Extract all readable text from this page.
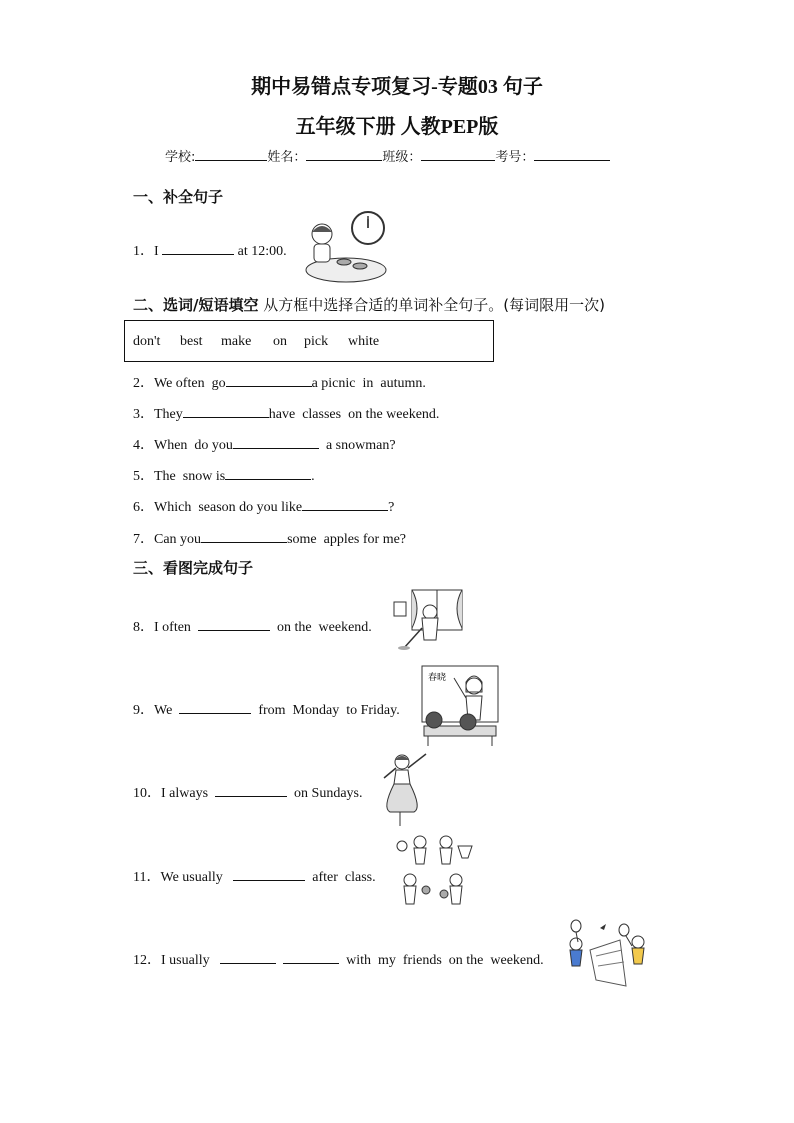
期中易错点专项复习-专题03 句子
五年级下册 人教PEP版
学校:	姓名：	班级：	考号：
一、补全句子
1．I	at 12:00.
二、选词/短语填空 从方框中选择合适的单词补全句子。(每词限用一次)
don't best make on pick white
2．We often  go	a picnic  in  autumn.
3．They	have  classes  on the weekend.
4．When  do you	a snowman?
5．The  snow is	.
6．Which  season do you like	?
7．Can you	some  apples for me?
三、看图完成句子
8．I often	on the  weekend.
9．We	from  Monday  to Friday.
春晓
10．I always	on Sundays.
11．We usually	after  class.
12．I usually	with  my  friends  on the  weekend.
